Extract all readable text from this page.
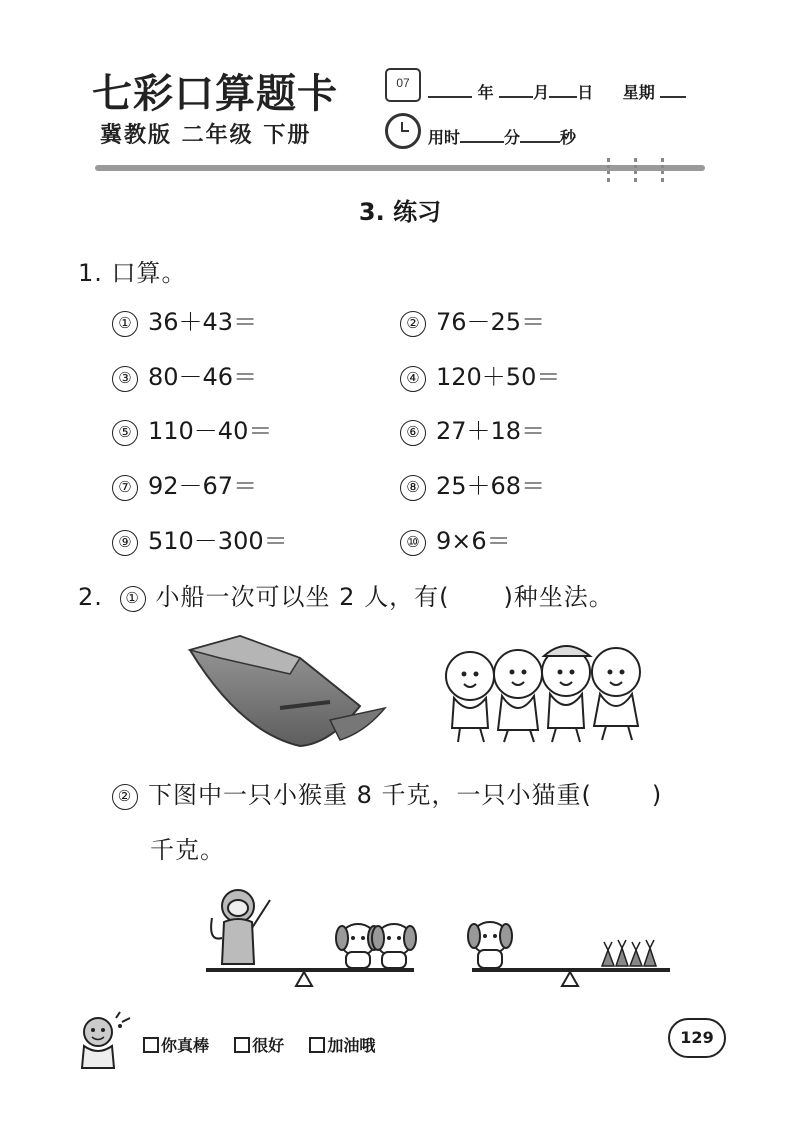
七彩口算题卡
冀教版 二年级 下册
07	年 月 日 星期
用时	分	秒
3. 练习
1. 口算。
① 36＋43＝	② 76－25＝
③ 80－46＝	④ 120＋50＝
⑤ 110－40＝	⑥ 27＋18＝
⑦ 92－67＝	⑧ 25＋68＝
⑨ 510－300＝	⑩ 9×6＝
2. ① 小船一次可以坐 2 人，有( )种坐法。
② 下图中一只小猴重 8 千克，一只小猫重(	)
千克。
你真棒	很好	加油哦	129
